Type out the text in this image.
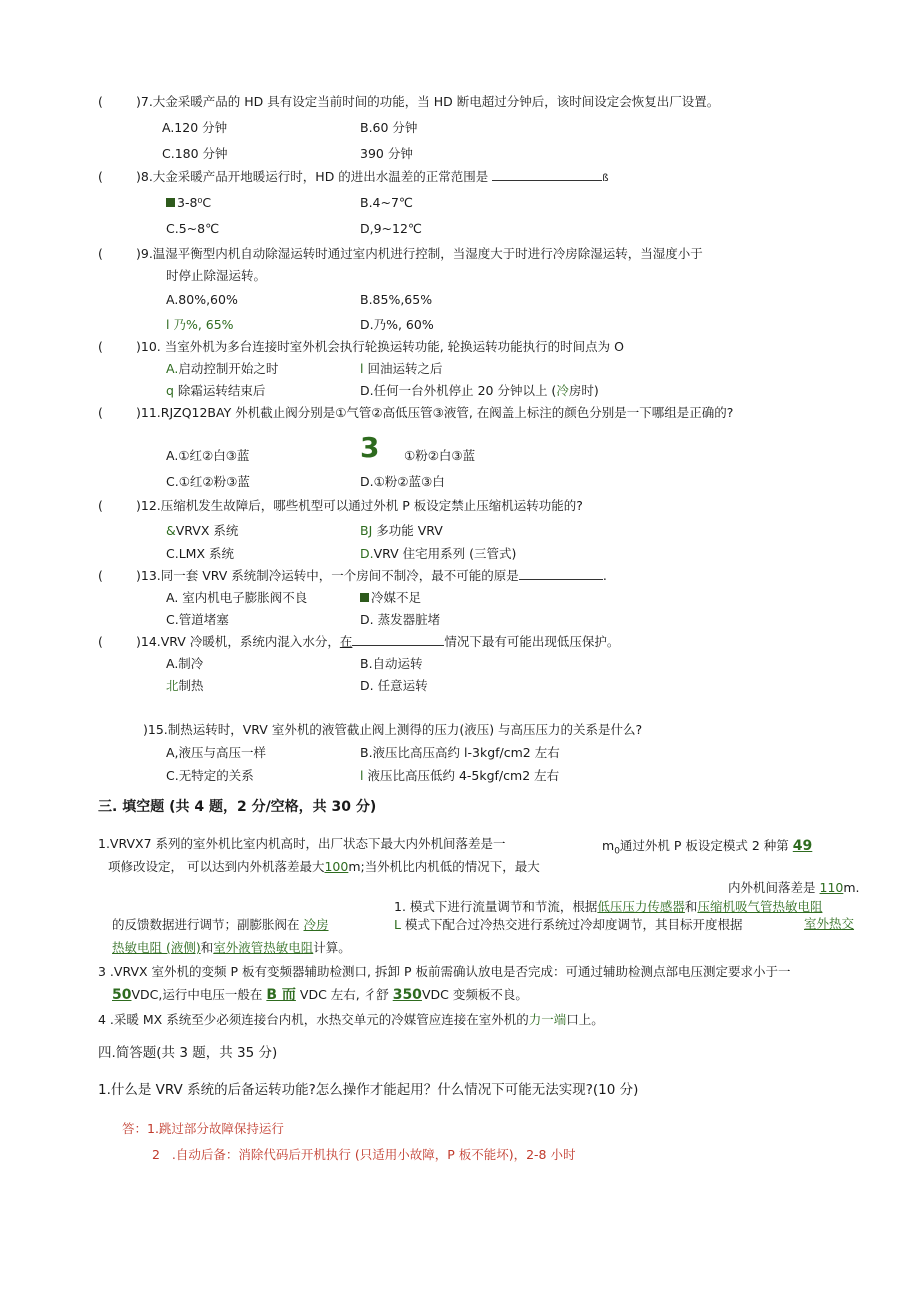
(	)7.大金采暖产品的 HD 具有设定当前时间的功能，当 HD 断电超过分钟后，该时间设定会恢复出厂设置。
A.120 分钟	B.60 分钟
C.180 分钟	390 分钟
(	)8.大金采暖产品开地暖运行时，HD 的进出水温差的正常范围是	ß
3-8⁰C	B.4~7℃
C.5~8℃	D,9~12℃
(	)9.温湿平衡型内机自动除湿运转时通过室内机进行控制，当湿度大于时进行冷房除湿运转，当湿度小于
时停止除湿运转。
A.80%,60%	B.85%,65%
l 乃%, 65%	D.乃%, 60%
(	)10. 当室外机为多台连接时室外机会执行轮换运转功能, 轮换运转功能执行的时间点为 O
A.启动控制开始之时	l 回油运转之后
q 除霜运转结束后	D.任何一台外机停止 20 分钟以上 (冷房时)
(	)11.RJZQ12BAY 外机截止阀分别是①气管②高低压管③液管, 在阀盖上标注的颜色分别是一下哪组是正确的?
A.①红②白③蓝	3 ①粉②白③蓝
C.①红②粉③蓝	D.①粉②蓝③白
(	)12.压缩机发生故障后，哪些机型可以通过外机 P 板设定禁止压缩机运转功能的?
&VRVX 系统	BJ 多功能 VRV
C.LMX 系统	D.VRV 住宅用系列 (三管式)
(	)13.同一套 VRV 系统制冷运转中，一个房间不制冷，最不可能的原是	.
A. 室内机电子膨胀阀不良	冷媒不足
C.管道堵塞	D. 蒸发器脏堵
(	)14.VRV 冷暖机，系统内混入水分，在	情况下最有可能出现低压保护。
A.制冷	B.自动运转
北制热	D. 任意运转
)15.制热运转时，VRV 室外机的液管截止阀上测得的压力(液压) 与高压压力的关系是什么?
A,液压与高压一样	B.液压比高压高约 l-3kgf/cm2 左右
C.无特定的关系	l 液压比高压低约 4-5kgf/cm2 左右
三. 填空题 (共 4 题，2 分/空格，共 30 分)
1.VRVX7 系列的室外机比室内机高时，出厂状态下最大内外机间落差是一	$m_0$通过外机 P 板设定模式 2 种第 49
项修改设定， 可以达到内外机落差最大100m;当外机比内机低的情况下，最大
内外机间落差是 110m.
1. 模式下进行流量调节和节流，根据低压压力传感器和压缩机吸气管热敏电阻
的反馈数据进行调节；副膨胀阀在 冷房	L 模式下配合过冷热交进行系统过冷却度调节，其目标开度根据	室外热交
热敏电阻 (液侧)和室外液管热敏电阻计算。
3 .VRVX 室外机的变频 P 板有变频器辅助检测口, 拆卸 P 板前需确认放电是否完成：可通过辅助检测点部电压测定要求小于一
50VDC,运行中电压一般在 B 而 VDC 左右, 彳舒 350VDC 变频板不良。
4 .采暖 MX 系统至少必须连接台内机，水热交单元的冷媒管应连接在室外机的力一端口上。
四.简答题(共 3 题，共 35 分)
1.什么是 VRV 系统的后备运转功能?怎么操作才能起用？什么情况下可能无法实现?(10 分)
答：1.跳过部分故障保持运行
2 .自动后备：消除代码后开机执行 (只适用小故障，P 板不能坏)，2-8 小时
